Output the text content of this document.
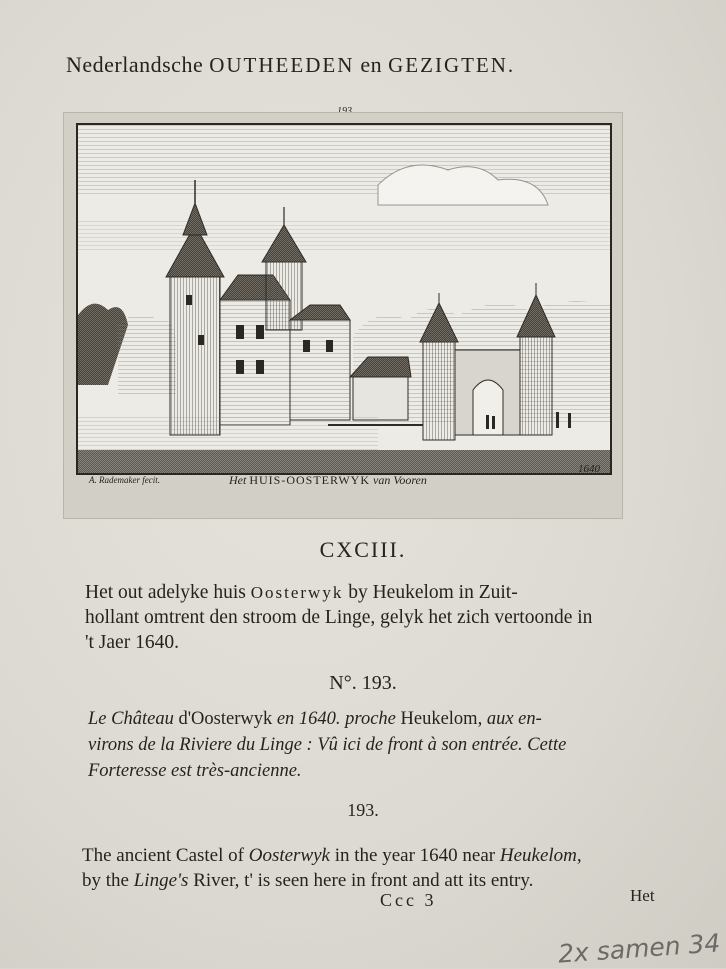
Nederlandsche OUTHEEDEN en GEZIGTEN.
A. Rademaker fecit.	Het HUIS-OOSTERWYK van Vooren
1640
CXCIII.
Het out adelyke huis Oosterwyk by Heukelom in Zuit-
hollant omtrent den stroom de Linge, gelyk het zich vertoonde in
't Jaer 1640.
N°. 193.
Le Château d'Oosterwyk en 1640. proche Heukelom, aux en-
virons de la Riviere du Linge : Vû ici de front à son entrée. Cette
Forteresse est très-ancienne.
193.
The ancient Castel of Oosterwyk in the year 1640 near Heukelom,
by the Linge's River, t' is seen here in front and att its entry.
Ccc 3	Het
2x samen 34
